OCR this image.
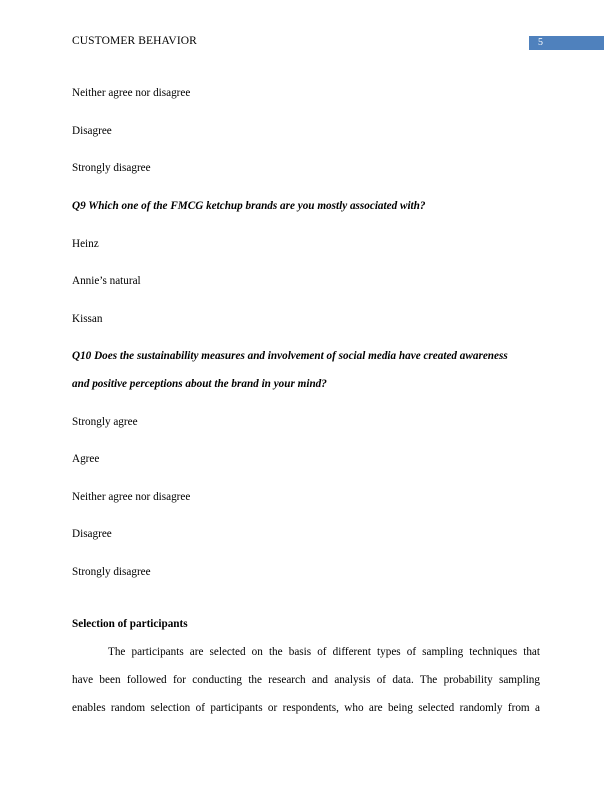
CUSTOMER BEHAVIOR	5
Neither agree nor disagree
Disagree
Strongly disagree
Q9 Which one of the FMCG ketchup brands are you mostly associated with?
Heinz
Annie’s natural
Kissan
Q10 Does the sustainability measures and involvement of social media have created awareness
and positive perceptions about the brand in your mind?
Strongly agree
Agree
Neither agree nor disagree
Disagree
Strongly disagree
Selection of participants
The participants are selected on the basis of different types of sampling techniques that
have been followed for conducting the research and analysis of data. The probability sampling
enables random selection of participants or respondents, who are being selected randomly from a
